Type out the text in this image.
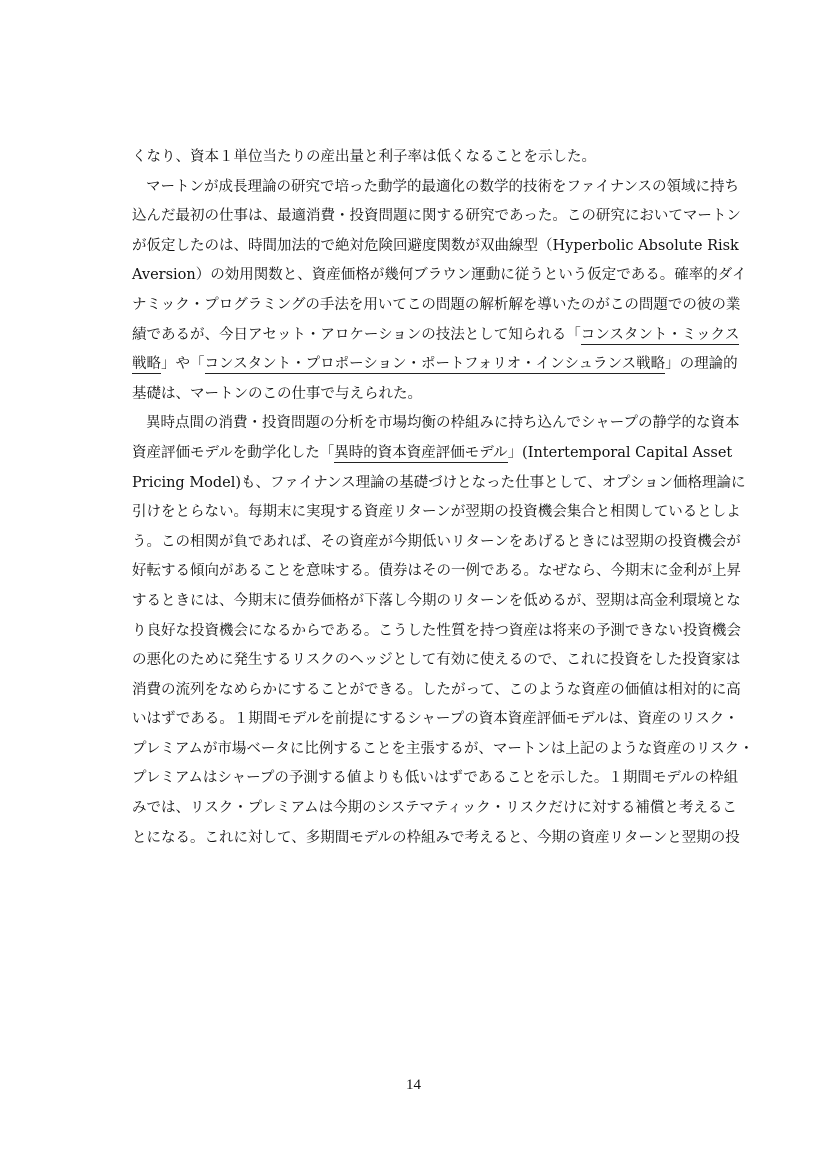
くなり、資本１単位当たりの産出量と利子率は低くなることを示した。
マートンが成長理論の研究で培った動学的最適化の数学的技術をファイナンスの領域に持ち
込んだ最初の仕事は、最適消費・投資問題に関する研究であった。この研究においてマートン
が仮定したのは、時間加法的で絶対危険回避度関数が双曲線型（Hyperbolic Absolute Risk
Aversion）の効用関数と、資産価格が幾何ブラウン運動に従うという仮定である。確率的ダイ
ナミック・プログラミングの手法を用いてこの問題の解析解を導いたのがこの問題での彼の業
績であるが、今日アセット・アロケーションの技法として知られる「コンスタント・ミックス
戦略」や「コンスタント・プロポーション・ポートフォリオ・インシュランス戦略」の理論的
基礎は、マートンのこの仕事で与えられた。
異時点間の消費・投資問題の分析を市場均衡の枠組みに持ち込んでシャープの静学的な資本
資産評価モデルを動学化した「異時的資本資産評価モデル」(Intertemporal Capital Asset
Pricing Model)も、ファイナンス理論の基礎づけとなった仕事として、オプション価格理論に
引けをとらない。每期末に実現する資産リターンが翌期の投資機会集合と相関しているとしよ
う。この相関が負であれば、その資産が今期低いリターンをあげるときには翌期の投資機会が
好転する傾向があることを意味する。債券はその一例である。なぜなら、今期末に金利が上昇
するときには、今期末に債券価格が下落し今期のリターンを低めるが、翌期は高金利環境とな
り良好な投資機会になるからである。こうした性質を持つ資産は将来の予測できない投資機会
の悪化のために発生するリスクのヘッジとして有効に使えるので、これに投資をした投資家は
消費の流列をなめらかにすることができる。したがって、このような資産の価値は相対的に高
いはずである。１期間モデルを前提にするシャープの資本資産評価モデルは、資産のリスク・
プレミアムが市場ベータに比例することを主張するが、マートンは上記のような資産のリスク・
プレミアムはシャープの予測する値よりも低いはずであることを示した。１期間モデルの枠組
みでは、リスク・プレミアムは今期のシステマティック・リスクだけに対する補償と考えるこ
とになる。これに対して、多期間モデルの枠組みで考えると、今期の資産リターンと翌期の投
14
